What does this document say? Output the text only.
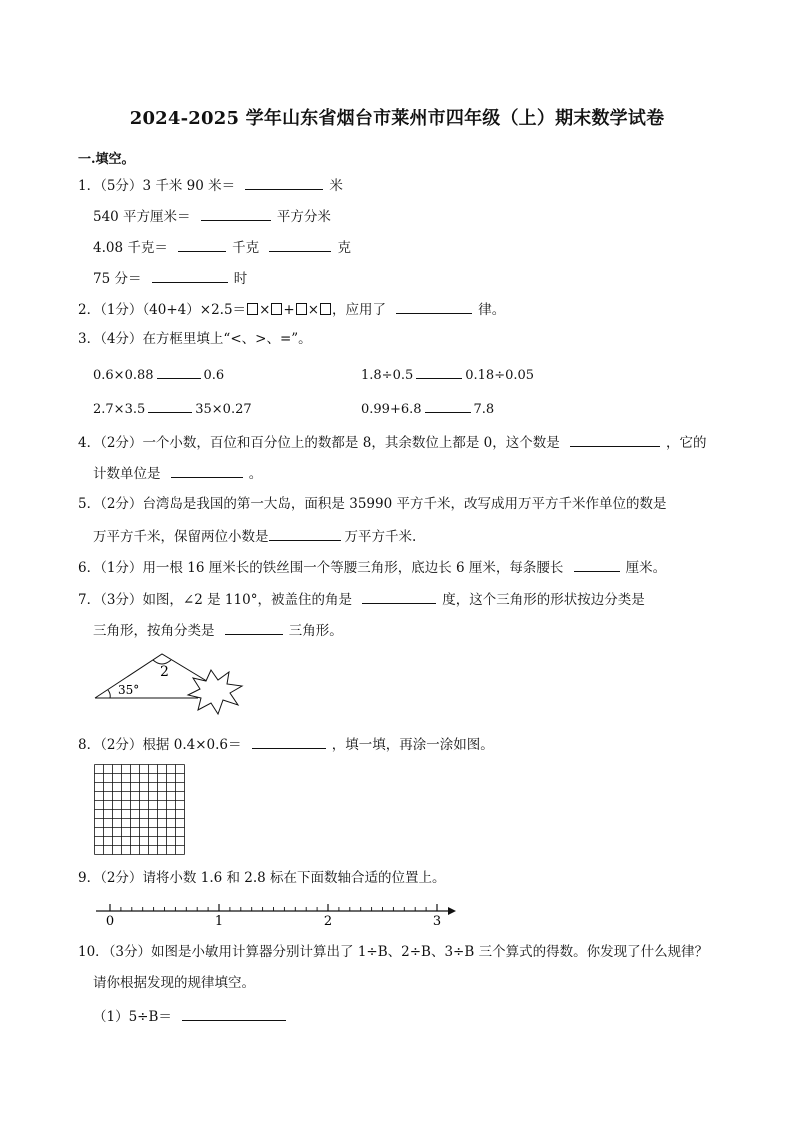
2024-2025 学年山东省烟台市莱州市四年级（上）期末数学试卷
一.填空。
1．（5分）3 千米 90 米＝	米
540 平方厘米＝	平方分米
4.08 千克＝	千克	克
75 分＝	时
2．（1分）（40+4）×2.5＝ × + × ，应用了	律。
3．（4分）在方框里填上“<、>、=”。
0.6×0.88	0.6	1.8÷0.5	0.18÷0.05
2.7×3.5	35×0.27	0.99+6.8	7.8
4．（2分）一个小数，百位和百分位上的数都是 8，其余数位上都是 0，这个数是	，它的
计数单位是	。
5．（2分）台湾岛是我国的第一大岛，面积是 35990 平方千米，改写成用万平方千米作单位的数是
万平方千米，保留两位小数是	万平方千米.
6．（1分）用一根 16 厘米长的铁丝围一个等腰三角形，底边长 6 厘米，每条腰长	厘米。
7．（3分）如图，∠2 是 110°，被盖住的角是	度，这个三角形的形状按边分类是
三角形，按角分类是	三角形。
2
35°
8．（2分）根据 0.4×0.6＝	，填一填，再涂一涂如图。
9．（2分）请将小数 1.6 和 2.8 标在下面数轴合适的位置上。
0	1	2	3
10．（3分）如图是小敏用计算器分别计算出了 1÷B、2÷B、3÷B 三个算式的得数。你发现了什么规律？
请你根据发现的规律填空。
（1）5÷B＝
